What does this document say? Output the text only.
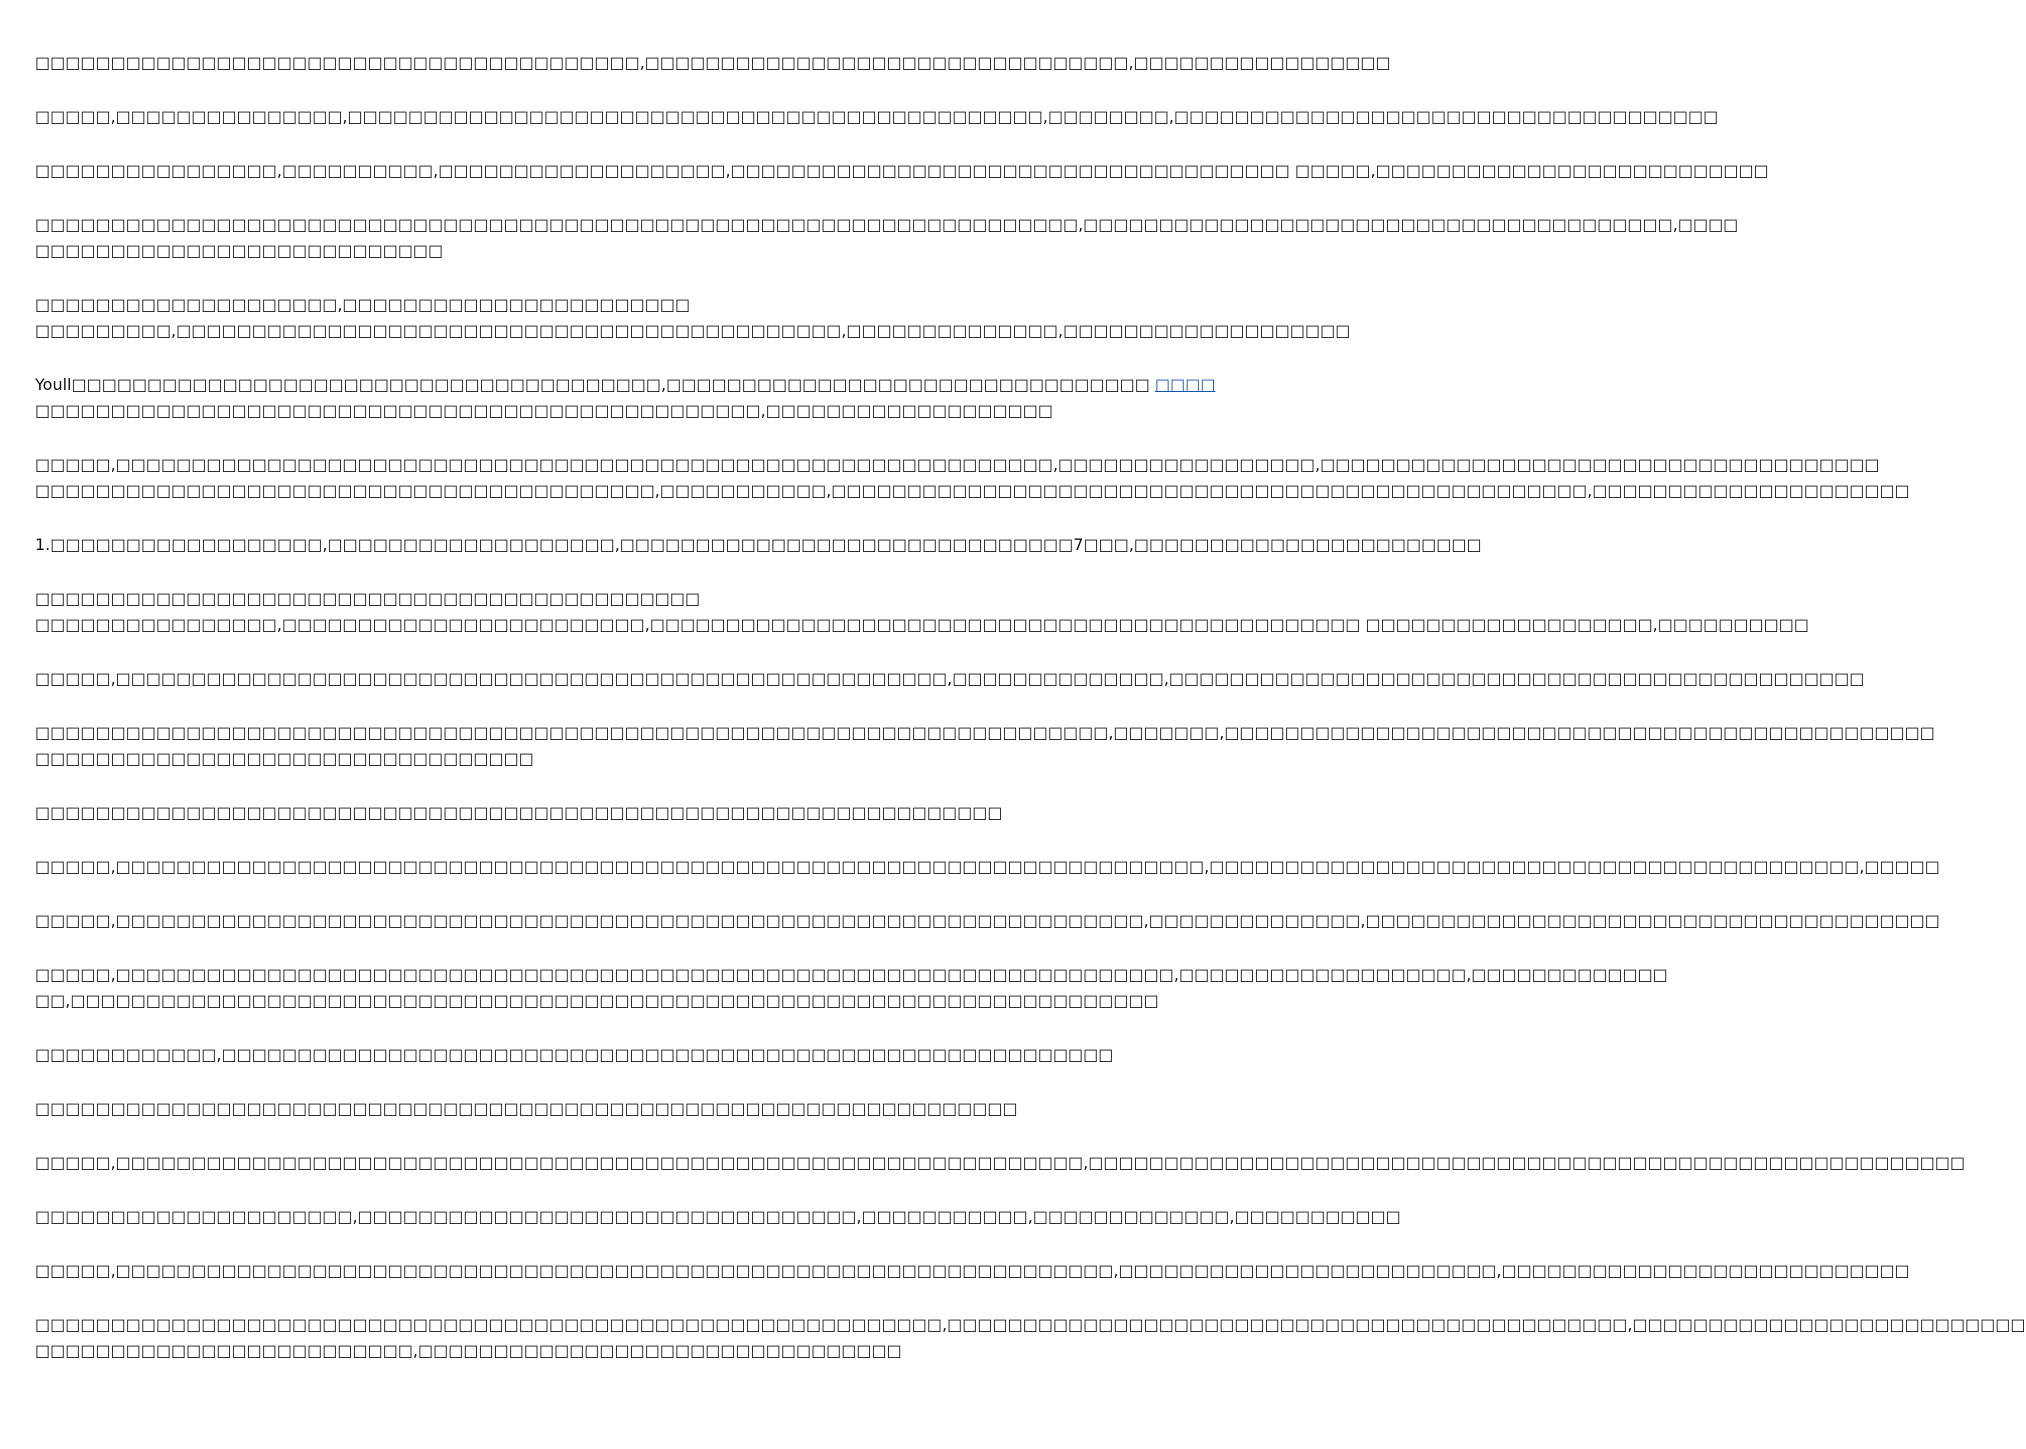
□□□□□□□□□□□□□□□□□□□□□□□□□□□□□□□□□□□□□□□□,□□□□□□□□□□□□□□□□□□□□□□□□□□□□□□□□,□□□□□□□□□□□□□□□□□

□□□□□,□□□□□□□□□□□□□□□,□□□□□□□□□□□□□□□□□□□□□□□□□□□□□□□□□□□□□□□□□□□□□□,□□□□□□□□,□□□□□□□□□□□□□□□□□□□□□□□□□□□□□□□□□□□□

□□□□□□□□□□□□□□□□,□□□□□□□□□□,□□□□□□□□□□□□□□□□□□□,□□□□□□□□□□□□□□□□□□□□□□□□□□□□□□□□□□□□□ □□□□□,□□□□□□□□□□□□□□□□□□□□□□□□□□

□□□□□□□□□□□□□□□□□□□□□□□□□□□□□□□□□□□□□□□□□□□□□□□□□□□□□□□□□□□□□□□□□□□□□,□□□□□□□□□□□□□□□□□□□□□□□□□□□□□□□□□□□□□□□,□□□□
□□□□□□□□□□□□□□□□□□□□□□□□□□□

□□□□□□□□□□□□□□□□□□□□,□□□□□□□□□□□□□□□□□□□□□□□
□□□□□□□□□,□□□□□□□□□□□□□□□□□□□□□□□□□□□□□□□□□□□□□□□□□□□□,□□□□□□□□□□□□□□,□□□□□□□□□□□□□□□□□□□

Youll□□□□□□□□□□□□□□□□□□□□□□□□□□□□□□□□□□□□□□□,□□□□□□□□□□□□□□□□□□□□□□□□□□□□□□□□ □□□□
□□□□□□□□□□□□□□□□□□□□□□□□□□□□□□□□□□□□□□□□□□□□□□□□,□□□□□□□□□□□□□□□□□□□

□□□□□,□□□□□□□□□□□□□□□□□□□□□□□□□□□□□□□□□□□□□□□□□□□□□□□□□□□□□□□□□□□□□□,□□□□□□□□□□□□□□□□□,□□□□□□□□□□□□□□□□□□□□□□□□□□□□□□□□□□□□□
□□□□□□□□□□□□□□□□□□□□□□□□□□□□□□□□□□□□□□□□□,□□□□□□□□□□□,□□□□□□□□□□□□□□□□□□□□□□□□□□□□□□□□□□□□□□□□□□□□□□□□□□,□□□□□□□□□□□□□□□□□□□□□

1.□□□□□□□□□□□□□□□□□□,□□□□□□□□□□□□□□□□□□□,□□□□□□□□□□□□□□□□□□□□□□□□□□□□□□7□□□,□□□□□□□□□□□□□□□□□□□□□□□

□□□□□□□□□□□□□□□□□□□□□□□□□□□□□□□□□□□□□□□□□□□□
□□□□□□□□□□□□□□□□,□□□□□□□□□□□□□□□□□□□□□□□□,□□□□□□□□□□□□□□□□□□□□□□□□□□□□□□□□□□□□□□□□□□□□□□□ □□□□□□□□□□□□□□□□□□□,□□□□□□□□□□

□□□□□,□□□□□□□□□□□□□□□□□□□□□□□□□□□□□□□□□□□□□□□□□□□□□□□□□□□□□□□,□□□□□□□□□□□□□□,□□□□□□□□□□□□□□□□□□□□□□□□□□□□□□□□□□□□□□□□□□□□□□

□□□□□□□□□□□□□□□□□□□□□□□□□□□□□□□□□□□□□□□□□□□□□□□□□□□□□□□□□□□□□□□□□□□□□□□,□□□□□□□,□□□□□□□□□□□□□□□□□□□□□□□□□□□□□□□□□□□□□□□□□□□□□□□
□□□□□□□□□□□□□□□□□□□□□□□□□□□□□□□□□

□□□□□□□□□□□□□□□□□□□□□□□□□□□□□□□□□□□□□□□□□□□□□□□□□□□□□□□□□□□□□□□□

□□□□□,□□□□□□□□□□□□□□□□□□□□□□□□□□□□□□□□□□□□□□□□□□□□□□□□□□□□□□□□□□□□□□□□□□□□□□□□,□□□□□□□□□□□□□□□□□□□□□□□□□□□□□□□□□□□□□□□□□□□,□□□□□

□□□□□,□□□□□□□□□□□□□□□□□□□□□□□□□□□□□□□□□□□□□□□□□□□□□□□□□□□□□□□□□□□□□□□□□□□□,□□□□□□□□□□□□□□,□□□□□□□□□□□□□□□□□□□□□□□□□□□□□□□□□□□□□□

□□□□□,□□□□□□□□□□□□□□□□□□□□□□□□□□□□□□□□□□□□□□□□□□□□□□□□□□□□□□□□□□□□□□□□□□□□□□,□□□□□□□□□□□□□□□□□□□,□□□□□□□□□□□□□
□□,□□□□□□□□□□□□□□□□□□□□□□□□□□□□□□□□□□□□□□□□□□□□□□□□□□□□□□□□□□□□□□□□□□□□□□□□

□□□□□□□□□□□□,□□□□□□□□□□□□□□□□□□□□□□□□□□□□□□□□□□□□□□□□□□□□□□□□□□□□□□□□□□□

□□□□□□□□□□□□□□□□□□□□□□□□□□□□□□□□□□□□□□□□□□□□□□□□□□□□□□□□□□□□□□□□□

□□□□□,□□□□□□□□□□□□□□□□□□□□□□□□□□□□□□□□□□□□□□□□□□□□□□□□□□□□□□□□□□□□□□□□,□□□□□□□□□□□□□□□□□□□□□□□□□□□□□□□□□□□□□□□□□□□□□□□□□□□□□□□□□□

□□□□□□□□□□□□□□□□□□□□□,□□□□□□□□□□□□□□□□□□□□□□□□□□□□□□□□□,□□□□□□□□□□□,□□□□□□□□□□□□□,□□□□□□□□□□□

□□□□□,□□□□□□□□□□□□□□□□□□□□□□□□□□□□□□□□□□□□□□□□□□□□□□□□□□□□□□□□□□□□□□□□□□,□□□□□□□□□□□□□□□□□□□□□□□□□,□□□□□□□□□□□□□□□□□□□□□□□□□□□

□□□□□□□□□□□□□□□□□□□□□□□□□□□□□□□□□□□□□□□□□□□□□□□□□□□□□□□□□□□□,□□□□□□□□□□□□□□□□□□□□□□□□□□□□□□□□□□□□□□□□□□□□□,□□□□□□□□□□□□□□□□□□□□□□□□□□
□□□□□□□□□□□□□□□□□□□□□□□□□,□□□□□□□□□□□□□□□□□□□□□□□□□□□□□□□□
